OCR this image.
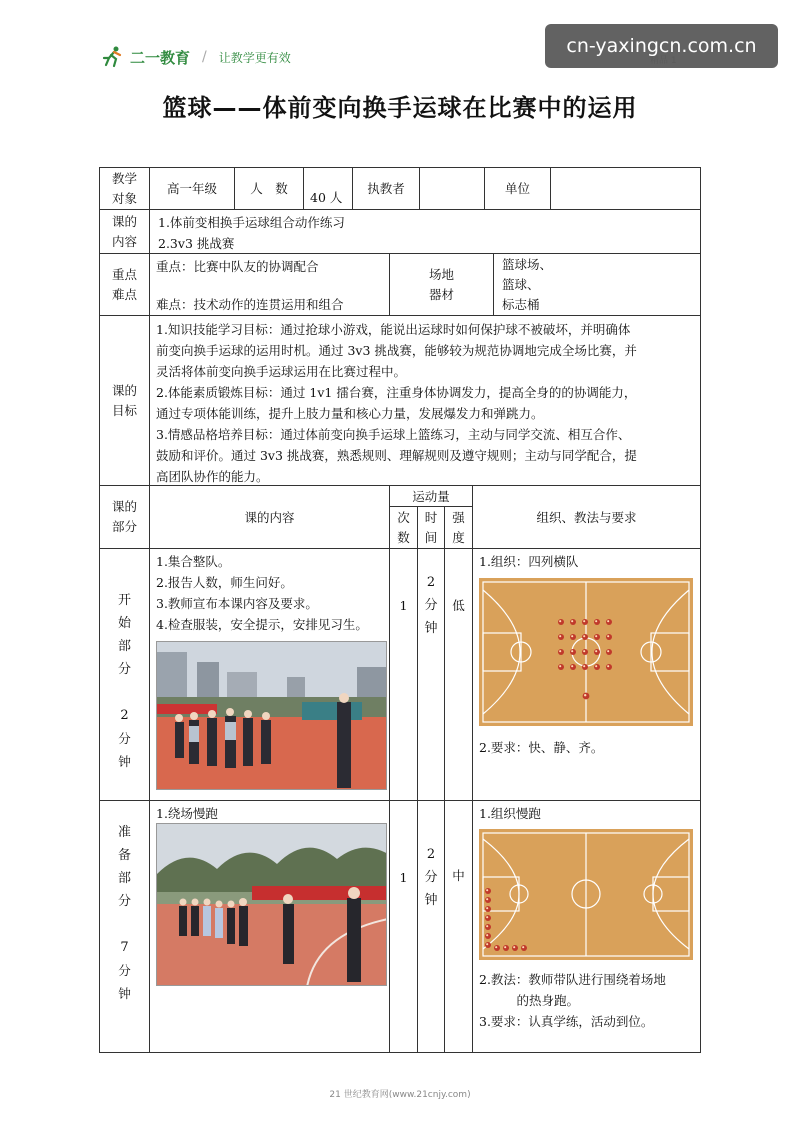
二一教育 / 让教学更有效
cn-yaxingcn.com.cn
篮球——体前变向换手运球在比赛中的运用
教学对象
高一年级	人　数
40 人
执教者	单位
课的内容
1.体前变相换手运球组合动作练习
2.3v3 挑战赛
重点难点
重点：比赛中队友的协调配合
难点：技术动作的连贯运用和组合
场地器材
篮球场、
篮球、
标志桶
课的目标
1.知识技能学习目标：通过抢球小游戏，能说出运球时如何保护球不被破坏，并明确体
前变向换手运球的运用时机。通过 3v3 挑战赛，能够较为规范协调地完成全场比赛，并
灵活将体前变向换手运球运用在比赛过程中。
2.体能素质锻炼目标：通过 1v1 擂台赛，注重身体协调发力，提高全身的的协调能力，
通过专项体能训练，提升上肢力量和核心力量，发展爆发力和弹跳力。
3.情感品格培养目标：通过体前变向换手运球上篮练习，主动与同学交流、相互合作、
鼓励和评价。通过 3v3 挑战赛，熟悉规则、理解规则及遵守规则；主动与同学配合，提
高团队协作的能力。
课的部分
课的内容
运动量
次数
时间
强度
组织、教法与要求
开
始
部
分
2
分钟
1.集合整队。
2.报告人数，师生问好。
3.教师宣布本课内容及要求。
4.检查服装，安全提示，安排见习生。
1
2
分
钟
低
1.组织：四列横队
2.要求：快、静、齐。
准
备
部
分
7
分钟
1.绕场慢跑
1
2
分
钟
中
1.组织慢跑
2.教法：教师带队进行围绕着场地
的热身跑。
3.要求：认真学练，活动到位。
21 世纪教育网(www.21cnjy.com)
